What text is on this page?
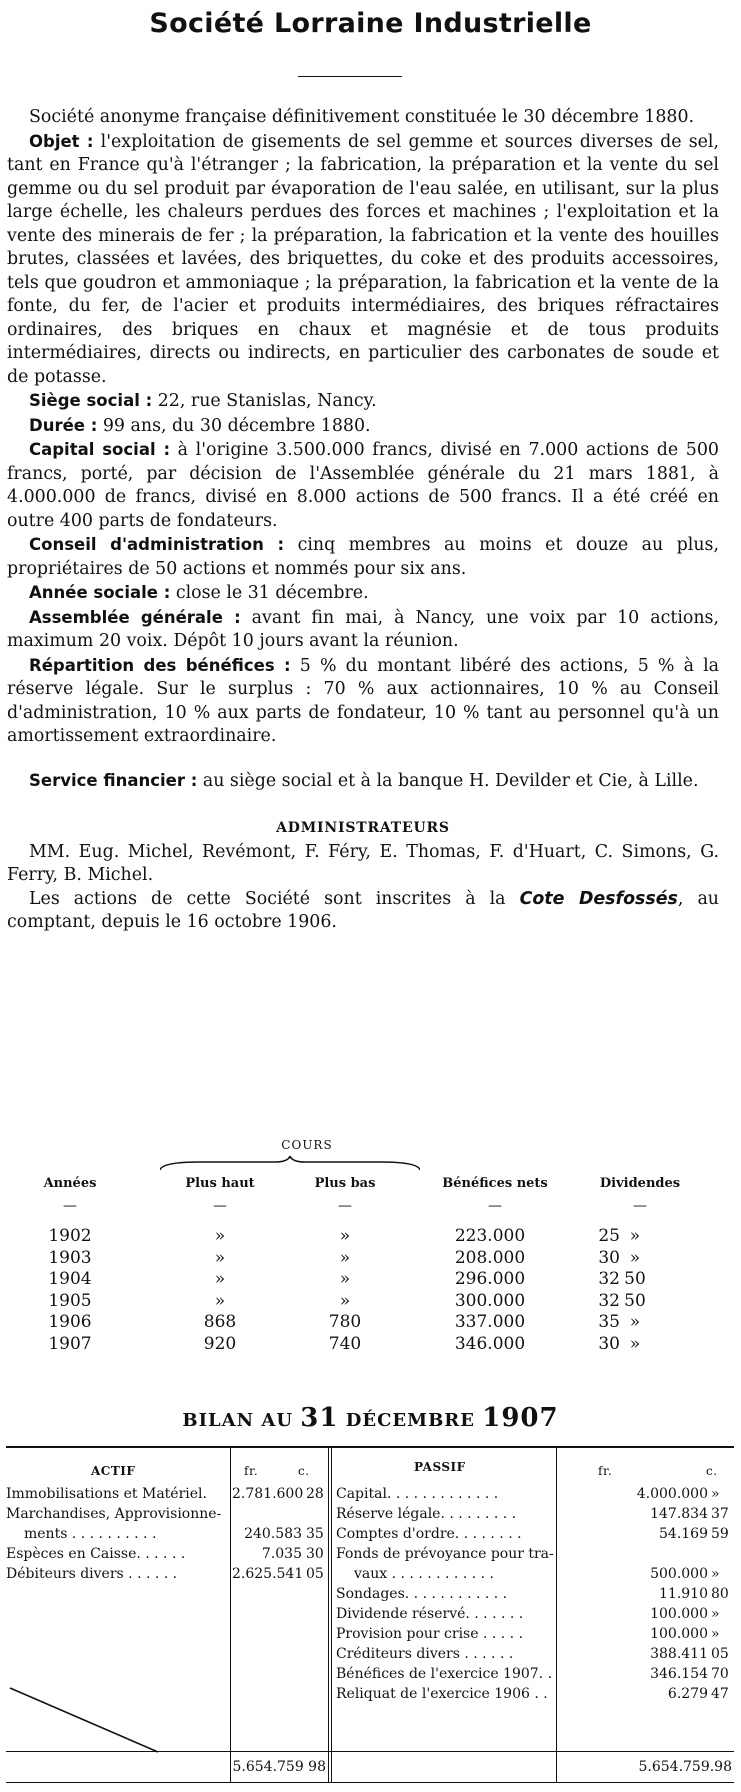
Société Lorraine Industrielle

Société anonyme française définitivement constituée le 30 décembre 1880.

Objet : l'exploitation de gisements de sel gemme et sources diverses de sel, tant en France qu'à l'étranger ; la fabrication, la préparation et la vente du sel gemme ou du sel produit par évaporation de l'eau salée, en utilisant, sur la plus large échelle, les chaleurs perdues des forces et machines ; l'exploitation et la vente des minerais de fer ; la préparation, la fabrication et la vente des houilles brutes, classées et lavées, des briquettes, du coke et des produits accessoires, tels que goudron et ammoniaque ; la préparation, la fabrication et la vente de la fonte, du fer, de l'acier et produits intermédiaires, des briques réfractaires ordinaires, des briques en chaux et magnésie et de tous produits intermédiaires, directs ou indirects, en particulier des carbonates de soude et de potasse.

Siège social : 22, rue Stanislas, Nancy.

Durée : 99 ans, du 30 décembre 1880.

Capital social : à l'origine 3.500.000 francs, divisé en 7.000 actions de 500 francs, porté, par décision de l'Assemblée générale du 21 mars 1881, à 4.000.000 de francs, divisé en 8.000 actions de 500 francs. Il a été créé en outre 400 parts de fondateurs.

Conseil d'administration : cinq membres au moins et douze au plus, propriétaires de 50 actions et nommés pour six ans.

Année sociale : close le 31 décembre.

Assemblée générale : avant fin mai, à Nancy, une voix par 10 actions, maximum 20 voix. Dépôt 10 jours avant la réunion.

Répartition des bénéfices : 5 % du montant libéré des actions, 5 % à la réserve légale. Sur le surplus : 70 % aux actionnaires, 10 % au Conseil d'administration, 10 % aux parts de fondateur, 10 % tant au personnel qu'à un amortissement extraordinaire.

Service financier : au siège social et à la banque H. Devilder et Cie, à Lille.

ADMINISTRATEURS

MM. Eug. Michel, Revémont, F. Féry, E. Thomas, F. d'Huart, C. Simons, G. Ferry, B. Michel.

Les actions de cette Société sont inscrites à la Cote Desfossés, au comptant, depuis le 16 octobre 1906.

COURS
Années	Plus haut	Plus bas	Bénéfices nets	Dividendes
—	—	—	—	—
1902	»	»	223.000	25 »
1903	»	»	208.000	30 »
1904	»	»	296.000	32 50
1905	»	»	300.000	32 50
1906	868	780	337.000	35 »
1907	920	740	346.000	30 »
BILAN AU 31 DÉCEMBRE 1907
ACTIF	fr.	c.	PASSIF	fr.	c.
Immobilisations et Matériel.	2.781.600 28
Marchandises, Approvisionne-
ments . . . . . . . . . .	240.583 35
Espèces en Caisse. . . . . .	7.035 30
Débiteurs divers . . . . . .	2.625.541 05
Capital. . . . . . . . . . . . .	4.000.000 »
Réserve légale. . . . . . . . .	147.834 37
Comptes d'ordre. . . . . . . .	54.169 59
Fonds de prévoyance pour tra-
vaux . . . . . . . . . . . .	500.000 »
Sondages. . . . . . . . . . . .	11.910 80
Dividende réservé. . . . . . .	100.000 »
Provision pour crise . . . . .	100.000 »
Créditeurs divers . . . . . .	388.411 05
Bénéfices de l'exercice 1907. .	346.154 70
Reliquat de l'exercice 1906 . .	6.279 47
5.654.759 98	5.654.759.98
